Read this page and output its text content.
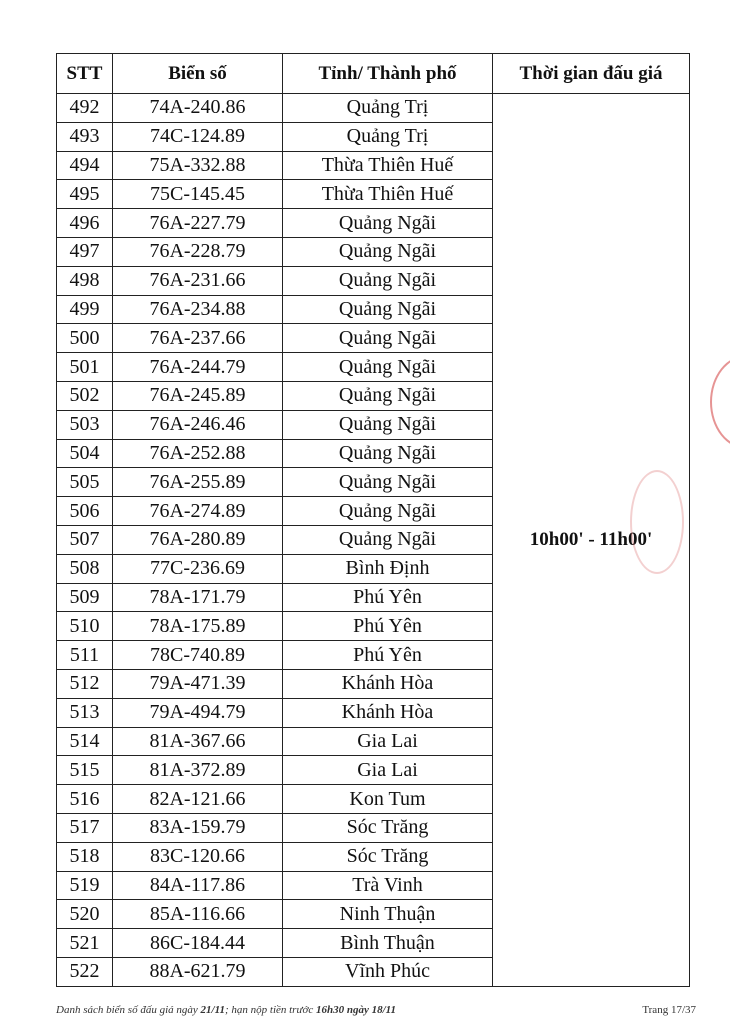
STT	Biển số	Tỉnh/ Thành phố	Thời gian đấu giá
492	74A-240.86	Quảng Trị	10h00' - 11h00'
493	74C-124.89	Quảng Trị	
494	75A-332.88	Thừa Thiên Huế	
495	75C-145.45	Thừa Thiên Huế	
496	76A-227.79	Quảng Ngãi	
497	76A-228.79	Quảng Ngãi	
498	76A-231.66	Quảng Ngãi	
499	76A-234.88	Quảng Ngãi	
500	76A-237.66	Quảng Ngãi	
501	76A-244.79	Quảng Ngãi	
502	76A-245.89	Quảng Ngãi	
503	76A-246.46	Quảng Ngãi	
504	76A-252.88	Quảng Ngãi	
505	76A-255.89	Quảng Ngãi	
506	76A-274.89	Quảng Ngãi	
507	76A-280.89	Quảng Ngãi	
508	77C-236.69	Bình Định	
509	78A-171.79	Phú Yên	
510	78A-175.89	Phú Yên	
511	78C-740.89	Phú Yên	
512	79A-471.39	Khánh Hòa	
513	79A-494.79	Khánh Hòa	
514	81A-367.66	Gia Lai	
515	81A-372.89	Gia Lai	
516	82A-121.66	Kon Tum	
517	83A-159.79	Sóc Trăng	
518	83C-120.66	Sóc Trăng	
519	84A-117.86	Trà Vinh	
520	85A-116.66	Ninh Thuận	
521	86C-184.44	Bình Thuận	
522	88A-621.79	Vĩnh Phúc	
Danh sách biển số đấu giá ngày 21/11; hạn nộp tiền trước 16h30 ngày 18/11	Trang 17/37
